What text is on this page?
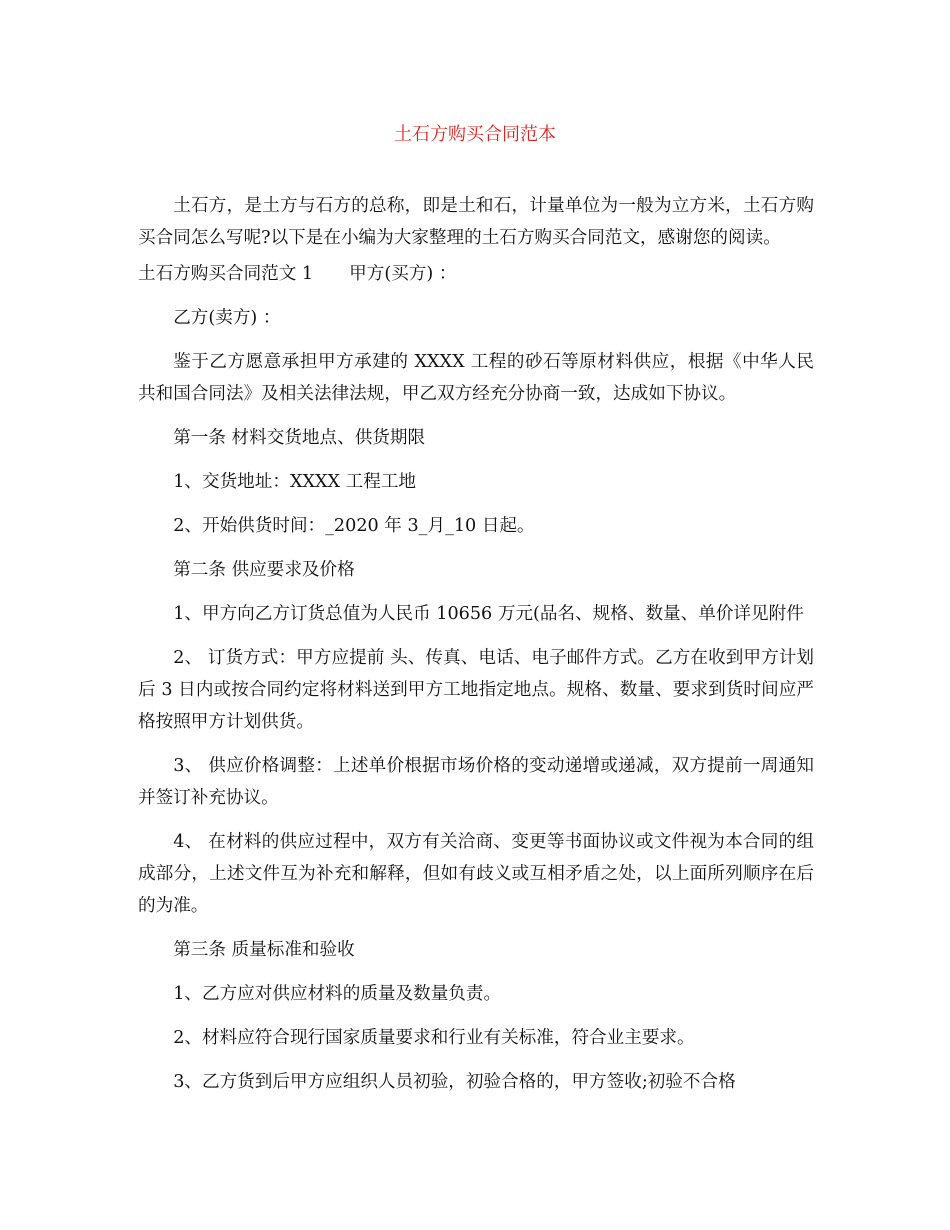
土石方购买合同范本

土石方，是土方与石方的总称，即是土和石，计量单位为一般为立方米，土石方购买合同怎么写呢?以下是在小编为大家整理的土石方购买合同范文，感谢您的阅读。

土石方购买合同范文 1 甲方(买方) ：

乙方(卖方) ：

鉴于乙方愿意承担甲方承建的 XXXX 工程的砂石等原材料供应，根据《中华人民共和国合同法》及相关法律法规，甲乙双方经充分协商一致，达成如下协议。

第一条 材料交货地点、供货期限

1、交货地址：XXXX 工程工地

2、开始供货时间：_2020 年 3_月_10 日起。

第二条 供应要求及价格

1、甲方向乙方订货总值为人民币 10656 万元(品名、规格、数量、单价详见附件

2、 订货方式：甲方应提前 头、传真、电话、电子邮件方式。乙方在收到甲方计划后 3 日内或按合同约定将材料送到甲方工地指定地点。规格、数量、要求到货时间应严格按照甲方计划供货。

3、 供应价格调整：上述单价根据市场价格的变动递增或递减，双方提前一周通知并签订补充协议。

4、 在材料的供应过程中，双方有关洽商、变更等书面协议或文件视为本合同的组成部分，上述文件互为补充和解释，但如有歧义或互相矛盾之处，以上面所列顺序在后的为准。

第三条 质量标准和验收

1、乙方应对供应材料的质量及数量负责。

2、材料应符合现行国家质量要求和行业有关标准，符合业主要求。

3、乙方货到后甲方应组织人员初验，初验合格的，甲方签收;初验不合格
